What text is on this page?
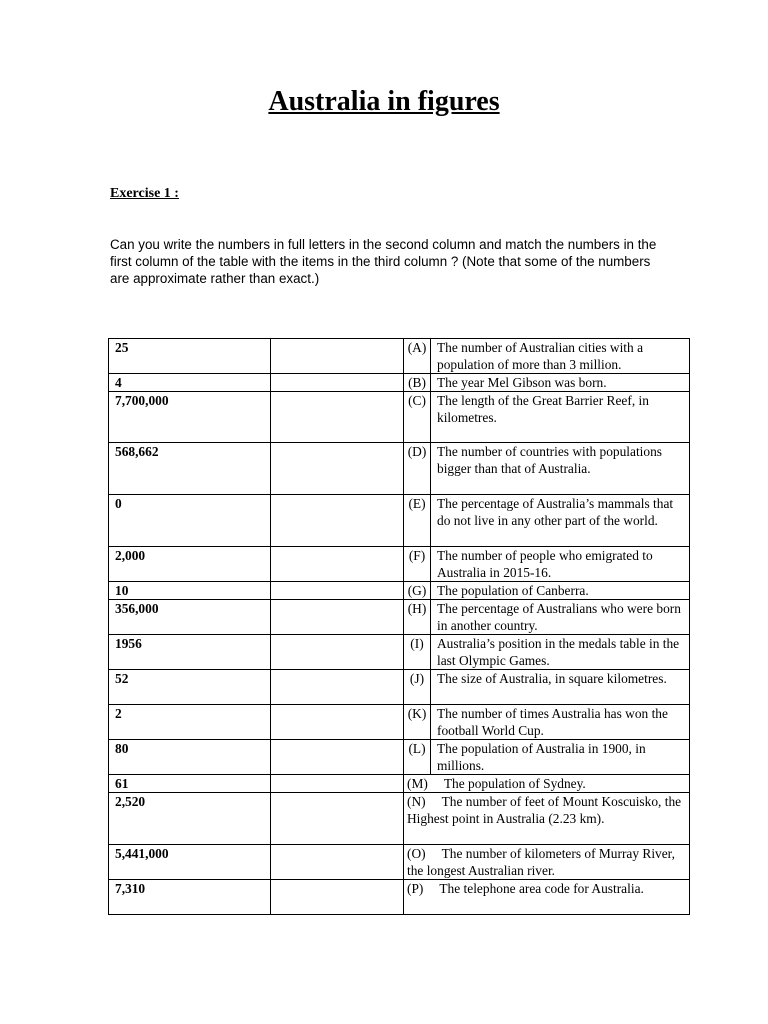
Australia in figures
Exercise 1 :

Can you write the numbers in full letters in the second column and match the numbers in the first column of the table with the items in the third column ? (Note that some of the numbers are approximate rather than exact.)

25		(A)	The number of Australian cities with a population of more than 3 million.
4		(B)	The year Mel Gibson was born.
7,700,000		(C)	The length of the Great Barrier Reef, in kilometres.
568,662		(D)	The number of countries with populations bigger than that of Australia.
0		(E)	The percentage of Australia’s mammals that do not live in any other part of the world.
2,000		(F)	The number of people who emigrated to Australia in 2015-16.
10		(G)	The population of Canberra.
356,000		(H)	The percentage of Australians who were born in another country.
1956		(I)	Australia’s position in the medals table in the last Olympic Games.
52		(J)	The size of Australia, in square kilometres.
2		(K)	The number of times Australia has won the football World Cup.
80		(L)	The population of Australia in 1900, in millions.
61		(M) The population of Sydney.	
2,520		(N) The number of feet of Mount Koscuisko, the Highest point in Australia (2.23 km).	
5,441,000		(O) The number of kilometers of Murray River, the longest Australian river.	
7,310		(P) The telephone area code for Australia.	
